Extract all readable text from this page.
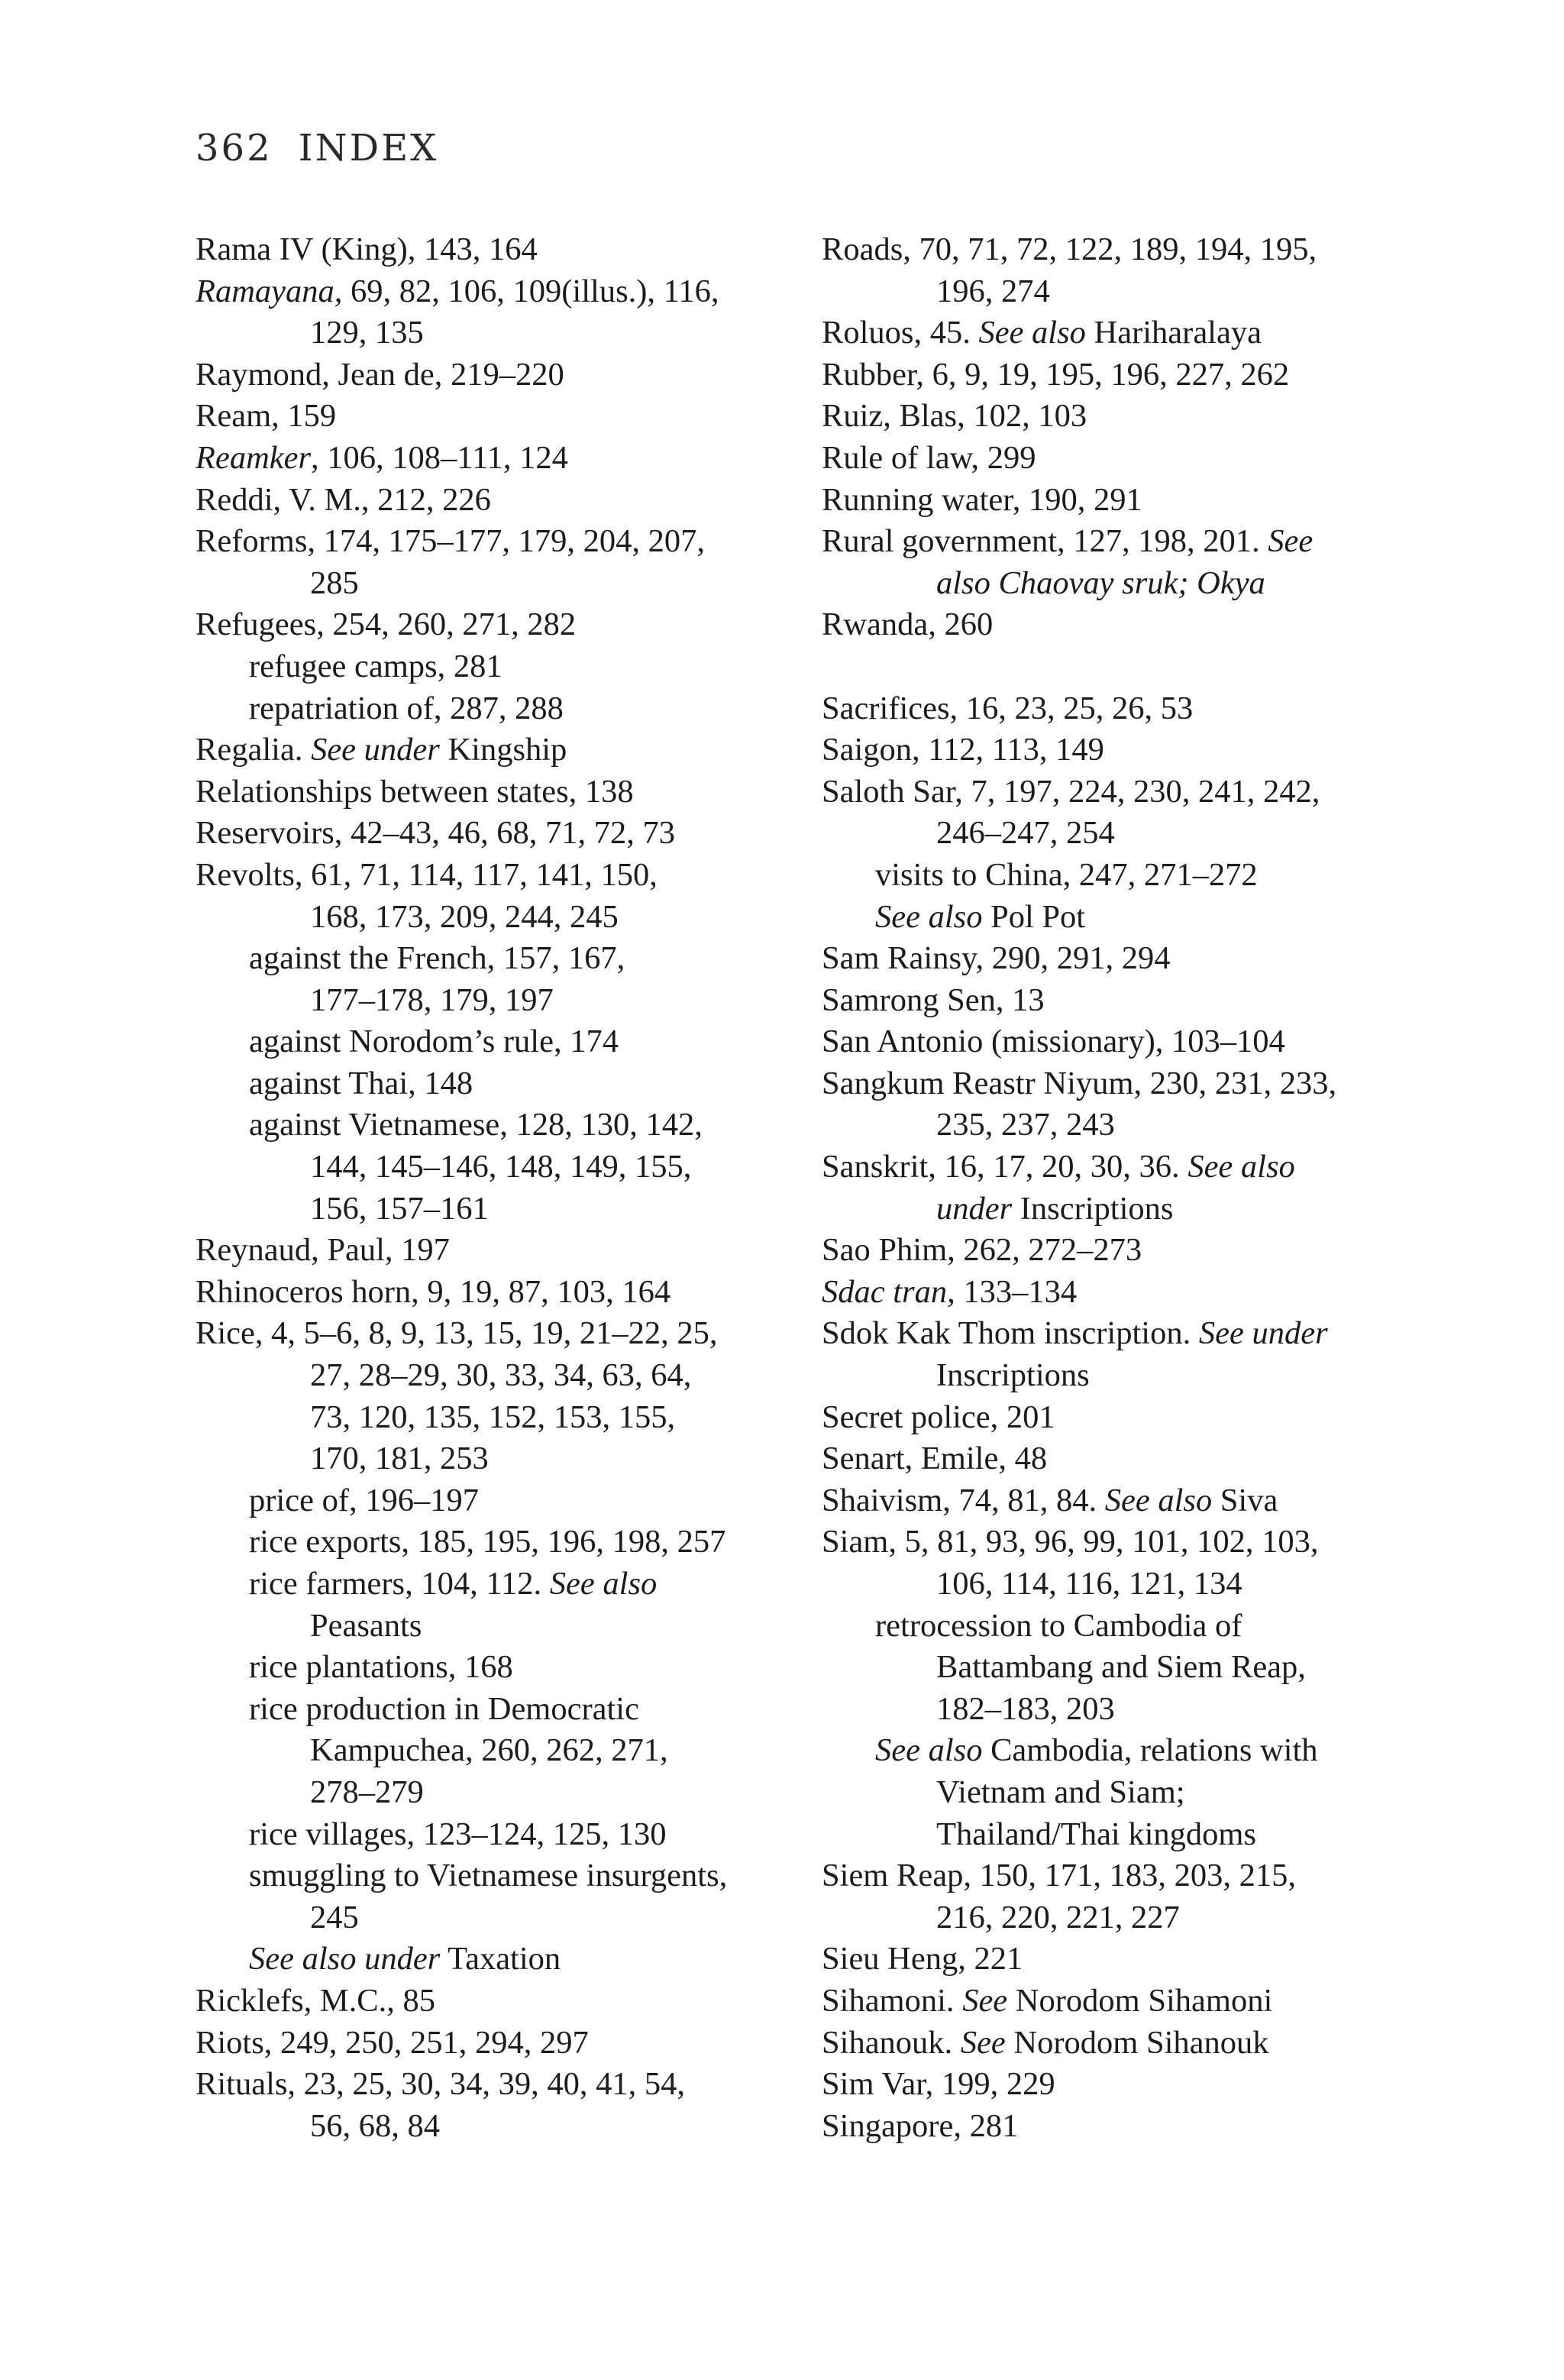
362 INDEX
Rama IV (King), 143, 164
Ramayana, 69, 82, 106, 109(illus.), 116,
129, 135
Raymond, Jean de, 219–220
Ream, 159
Reamker, 106, 108–111, 124
Reddi, V. M., 212, 226
Reforms, 174, 175–177, 179, 204, 207,
285
Refugees, 254, 260, 271, 282
refugee camps, 281
repatriation of, 287, 288
Regalia. See under Kingship
Relationships between states, 138
Reservoirs, 42–43, 46, 68, 71, 72, 73
Revolts, 61, 71, 114, 117, 141, 150,
168, 173, 209, 244, 245
against the French, 157, 167,
177–178, 179, 197
against Norodom’s rule, 174
against Thai, 148
against Vietnamese, 128, 130, 142,
144, 145–146, 148, 149, 155,
156, 157–161
Reynaud, Paul, 197
Rhinoceros horn, 9, 19, 87, 103, 164
Rice, 4, 5–6, 8, 9, 13, 15, 19, 21–22, 25,
27, 28–29, 30, 33, 34, 63, 64,
73, 120, 135, 152, 153, 155,
170, 181, 253
price of, 196–197
rice exports, 185, 195, 196, 198, 257
rice farmers, 104, 112. See also
Peasants
rice plantations, 168
rice production in Democratic
Kampuchea, 260, 262, 271,
278–279
rice villages, 123–124, 125, 130
smuggling to Vietnamese insurgents,
245
See also under Taxation
Ricklefs, M.C., 85
Riots, 249, 250, 251, 294, 297
Rituals, 23, 25, 30, 34, 39, 40, 41, 54,
56, 68, 84
Roads, 70, 71, 72, 122, 189, 194, 195,
196, 274
Roluos, 45. See also Hariharalaya
Rubber, 6, 9, 19, 195, 196, 227, 262
Ruiz, Blas, 102, 103
Rule of law, 299
Running water, 190, 291
Rural government, 127, 198, 201. See
also Chaovay sruk; Okya
Rwanda, 260
Sacrifices, 16, 23, 25, 26, 53
Saigon, 112, 113, 149
Saloth Sar, 7, 197, 224, 230, 241, 242,
246–247, 254
visits to China, 247, 271–272
See also Pol Pot
Sam Rainsy, 290, 291, 294
Samrong Sen, 13
San Antonio (missionary), 103–104
Sangkum Reastr Niyum, 230, 231, 233,
235, 237, 243
Sanskrit, 16, 17, 20, 30, 36. See also
under Inscriptions
Sao Phim, 262, 272–273
Sdac tran, 133–134
Sdok Kak Thom inscription. See under
Inscriptions
Secret police, 201
Senart, Emile, 48
Shaivism, 74, 81, 84. See also Siva
Siam, 5, 81, 93, 96, 99, 101, 102, 103,
106, 114, 116, 121, 134
retrocession to Cambodia of
Battambang and Siem Reap,
182–183, 203
See also Cambodia, relations with
Vietnam and Siam;
Thailand/Thai kingdoms
Siem Reap, 150, 171, 183, 203, 215,
216, 220, 221, 227
Sieu Heng, 221
Sihamoni. See Norodom Sihamoni
Sihanouk. See Norodom Sihanouk
Sim Var, 199, 229
Singapore, 281
